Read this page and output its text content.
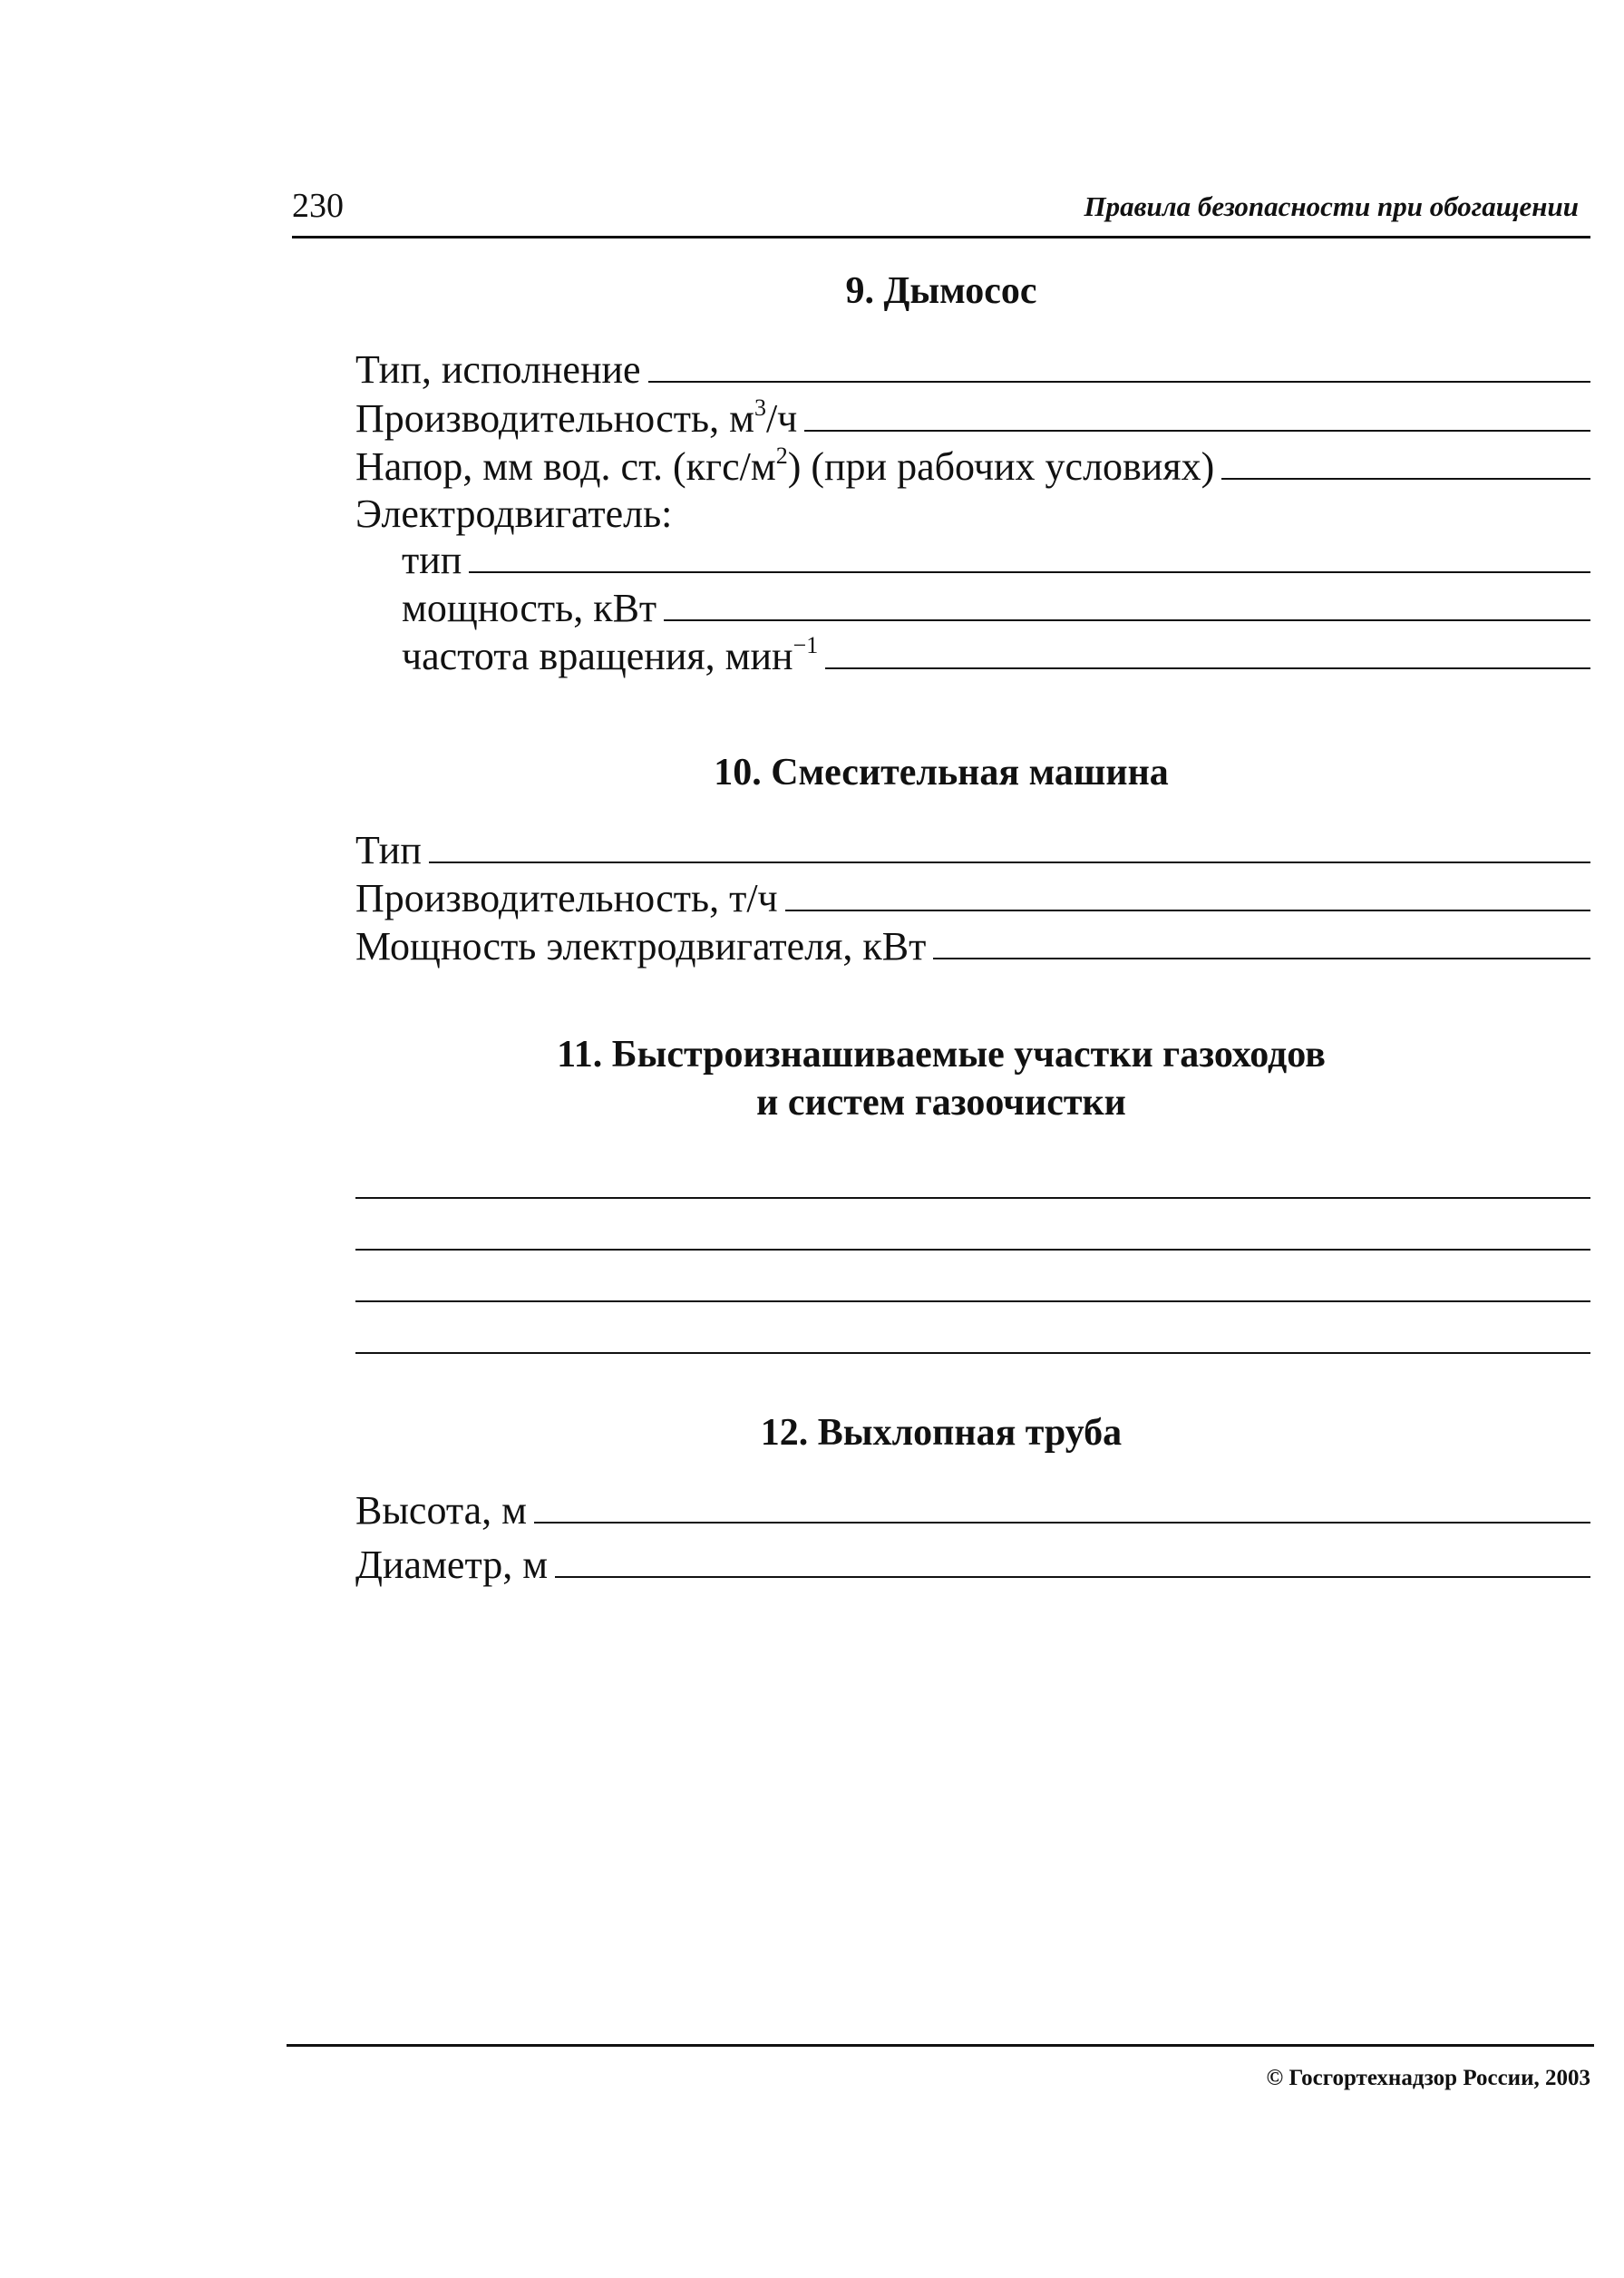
230	Правила безопасности при обогащении
9. Дымосос
Тип, исполнение
Производительность, $м^3/ч$
Напор, мм вод. ст. $(кгс/м^2)$ (при рабочих условиях)
Электродвигатель:
тип
мощность, кВт
частота вращения, мин$^{-1}$
10. Смесительная машина
Тип
Производительность, т/ч
Мощность электродвигателя, кВт
11. Быстроизнашиваемые участки газоходов
и систем газоочистки
12. Выхлопная труба
Высота, м
Диаметр, м
© Госгортехнадзор России, 2003
